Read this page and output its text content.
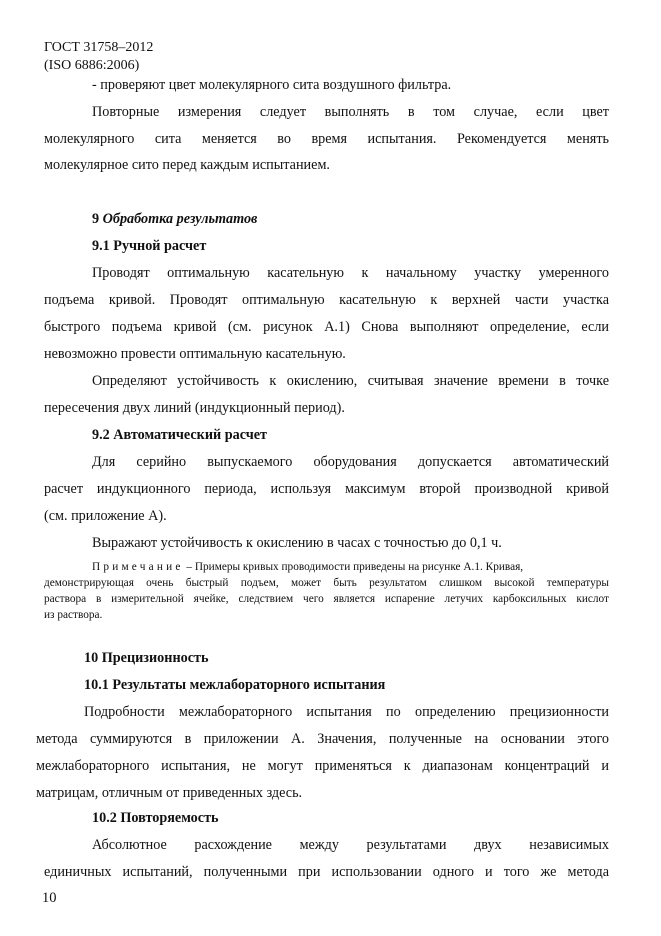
ГОСТ 31758–2012
(ISO 6886:2006)
- проверяют цвет молекулярного сита воздушного фильтра.
Повторные измерения следует выполнять в том случае, если цвет
молекулярного сита меняется во время испытания. Рекомендуется менять
молекулярное сито перед каждым испытанием.
9 Обработка результатов
9.1 Ручной расчет
Проводят оптимальную касательную к начальному участку умеренного
подъема кривой. Проводят оптимальную касательную к верхней части участка
быстрого подъема кривой (см. рисунок А.1) Снова выполняют определение, если
невозможно провести оптимальную касательную.
Определяют устойчивость к окислению, считывая значение времени в точке
пересечения двух линий (индукционный период).
9.2 Автоматический расчет
Для серийно выпускаемого оборудования допускается автоматический
расчет индукционного периода, используя максимум второй производной кривой
(см. приложение А).
Выражают устойчивость к окислению в часах с точностью до 0,1 ч.
Примечание – Примеры кривых проводимости приведены на рисунке А.1. Кривая,
демонстрирующая очень быстрый подъем, может быть результатом слишком высокой температуры
раствора в измерительной ячейке, следствием чего является испарение летучих карбоксильных кислот
из раствора.
10 Прецизионность
10.1 Результаты межлабораторного испытания
Подробности межлабораторного испытания по определению прецизионности
метода суммируются в приложении А. Значения, полученные на основании этого
межлабораторного испытания, не могут применяться к диапазонам концентраций и
матрицам, отличным от приведенных здесь.
10.2 Повторяемость
Абсолютное расхождение между результатами двух независимых
единичных испытаний, полученными при использовании одного и того же метода
10
